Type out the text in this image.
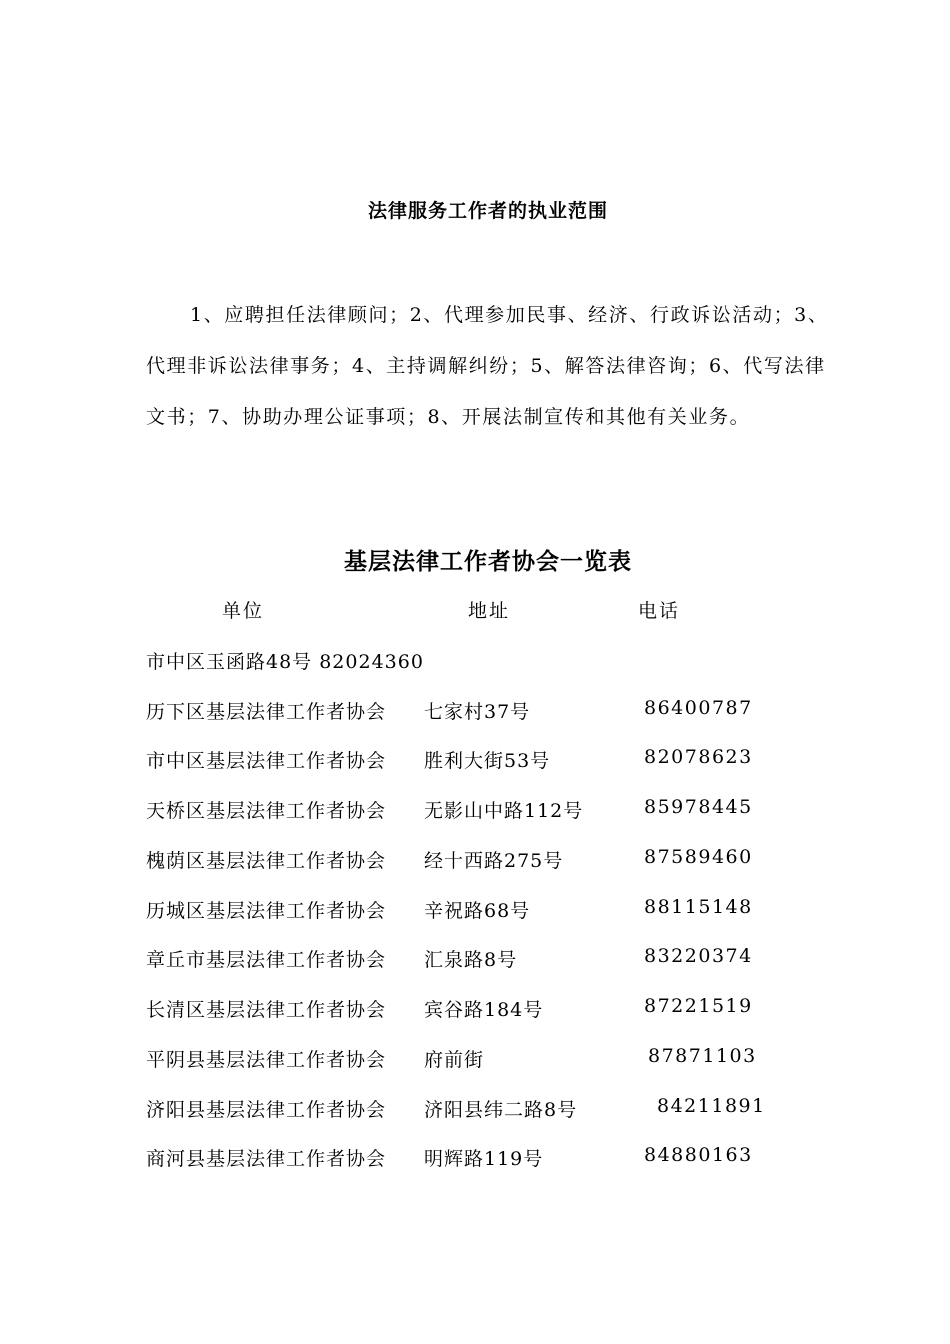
法律服务工作者的执业范围

1、应聘担任法律顾问；2、代理参加民事、经济、行政诉讼活动；3、代理非诉讼法律事务；4、主持调解纠纷；5、解答法律咨询；6、代写法律文书；7、协助办理公证事项；8、开展法制宣传和其他有关业务。

基层法律工作者协会一览表
单位	地址	电话
市中区玉函路48号 82024360
历下区基层法律工作者协会 七家村37号	86400787
市中区基层法律工作者协会 胜利大街53号	82078623
天桥区基层法律工作者协会 无影山中路112号	85978445
槐荫区基层法律工作者协会 经十西路275号	87589460
历城区基层法律工作者协会 辛祝路68号	88115148
章丘市基层法律工作者协会 汇泉路8号	83220374
长清区基层法律工作者协会 宾谷路184号	87221519
平阴县基层法律工作者协会 府前街	87871103
济阳县基层法律工作者协会 济阳县纬二路8号	84211891
商河县基层法律工作者协会 明辉路119号	84880163
